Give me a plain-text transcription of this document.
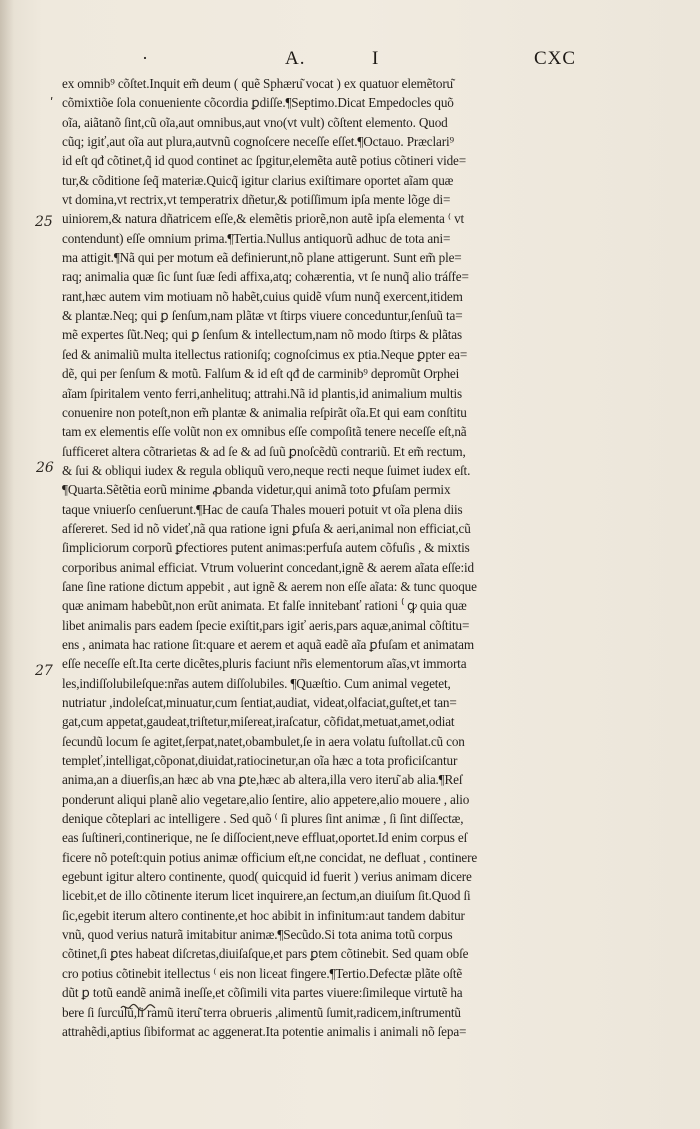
·	A.	I	CXC
ʹ
25
26
27
ex omnib⁹ cõſtet.Inquit em̃ deum ( quẽ Sphæru͂ vocat ) ex quatuor elemẽtoru͂
cõmixtiõe ſola conueniente cõcordia ꝑdiſſe.¶Septimo.Dicat Empedocles quõ
oĩa, aiãtanõ ſint,cũ oĩa,aut omnibus,aut vno(vt vult) cõſtent elemento. Quod
cũq; igiť,aut oĩa aut plura,autvnũ cognoſcere neceſſe eſſet.¶Octauo. Præclari⁹
id eſt qđ cõtinet,q̃ id quod continet ac ſpgitur,elemẽta autẽ potius cõtineri vide=
tur,& cõditione ſeq̃ materiæ.Quicq̃ igitur clarius exiſtimare oportet aĩam quæ
vt domina,vt rectrix,vt temperatrix dñetur,& potiſſimum ipſa mente lõge di=
uiniorem,& natura dñatricem eſſe,& elemẽtis priorẽ,non autẽ ipſa elementa ⁽ vt
contendunt) eſſe omnium prima.¶Tertia.Nullus antiquorũ adhuc de tota ani=
ma attigit.¶Nã qui per motum eã definierunt,nõ plane attigerunt. Sunt em̃ ple=
raq; animalia quæ ſic ſunt ſuæ ſedi affixa,atq; cohærentia, vt ſe nunq̃ alio tráſfe=
rant,hæc autem vim motiuam nõ habẽt,cuius quidẽ vſum nunq̃ exercent,itidem
& plantæ.Neq; qui ꝑ ſenſum,nam plãtæ vt ſtirps viuere conceduntur,ſenſuũ ta=
mẽ expertes ſũt.Neq; qui ꝑ ſenſum & intellectum,nam nõ modo ſtirps & plãtas
ſed & animaliũ multa itellectus rationiſq; cognoſcimus ex ptia.Neque ꝑpter ea=
dẽ, qui per ſenſum & motũ. Falſum & id eſt qđ de carminib⁹ depromũt Orphei
aĩam ſpiritalem vento ferri,anhelituq; attrahi.Nã id plantis,id animalium multis
conuenire non poteſt,non em̃ plantæ & animalia reſpirãt oĩa.Et qui eam conſtitu
tam ex elementis eſſe volũt non ex omnibus eſſe compoſitã tenere neceſſe eſt,nã
ſufficeret altera cõtrarietas & ad ſe & ad ſuũ ꝑnoſcẽdũ contrariũ. Et em̃ rectum,
& ſui & obliqui iudex & regula obliquũ vero,neque recti neque ſuimet iudex eſt.
¶Quarta.Sẽtẽtia eorũ minime ꝓbanda videtur,qui animã toto ꝑfuſam permix
taque vniuerſo cenſuerunt.¶Hac de cauſa Thales moueri potuit vt oĩa plena diis
afſereret. Sed id nõ videť,nã qua ratione igni ꝑfuſa & aeri,animal non efficiat,cũ
ſimpliciorum corporũ ꝑfectiores putent animas:perfuſa autem cõfuſis , & mixtis
corporibus animal efficiat. Vtrum voluerint concedant,ignẽ & aerem aĩata eſſe:id
ſane ſine ratione dictum appebit , aut ignẽ & aerem non eſſe aĩata: & tunc quoque
quæ animam habebũt,non erũt animata. Et falſe innitebanť rationi ⁽ ꝙ quia quæ
libet animalis pars eadem ſpecie exiſtit,pars igiť aeris,pars aquæ,animal cõſtitu=
ens , animata hac ratione ſit:quare et aerem et aquã eadẽ aĩa ꝑfuſam et animatam
eſſe neceſſe eſt.Ita certe dicẽtes,pluris faciunt nr̃is elementorum aĩas,vt immorta
les,indiſſolubileſque:nr̃as autem diſſolubiles. ¶Quæſtio. Cum animal vegetet,
nutriatur ,indoleſcat,minuatur,cum ſentiat,audiat, videat,olfaciat,guſtet,et tan=
gat,cum appetat,gaudeat,triſtetur,miſereat,iraſcatur, cõfidat,metuat,amet,odiat
ſecundũ locum ſe agitet,ſerpat,natet,obambulet,ſe in aera volatu ſuſtollat.cũ con
templeť,intelligat,cõponat,diuidat,ratiocinetur,an oĩa hæc a tota proficiſcantur
anima,an a diuerſis,an hæc ab vna ꝑte,hæc ab altera,illa vero iteru͂ ab alia.¶Reſ
ponderunt aliqui planẽ alio vegetare,alio ſentire, alio appetere,alio mouere , alio
denique cõteplari ac intelligere . Sed quõ ⁽ ſi plures ſint animæ , ſi ſint diſſectæ,
eas ſuſtineri,continerique, ne ſe diſſocient,neve effluat,oportet.Id enim corpus eſ
ficere nõ poteſt:quin potius animæ officium eſt,ne concidat, ne defluat , continere
egebunt igitur altero continente, quod( quicquid id fuerit ) verius animam dicere
licebit,et de illo cõtinente iterum licet inquirere,an ſectum,an diuiſum ſit.Quod ſi
ſic,egebit iterum altero continente,et hoc abibit in infinitum:aut tandem dabitur
vnũ, quod verius naturã imitabitur animæ.¶Secũdo.Si tota anima totũ corpus
cõtinet,ſi ꝑtes habeat diſcretas,diuiſaſque,et pars ꝑtem cõtinebit. Sed quam obſe
cro potius cõtinebit itellectus ⁽ eis non liceat fingere.¶Tertio.Defectæ plãte oſtẽ
dũt ꝑ totũ eandẽ animã ineſſe,et cõſimili vita partes viuere:ſimileque virtutẽ ha
bere ſi ſurculũ,ſi ramũ iteru͂ terra obrueris ,alimentũ ſumit,radicem,inſtrumentũ
attrahẽdi,aptius ſibiformat ac aggenerat.Ita potentie animalis i animali nõ ſepa=
